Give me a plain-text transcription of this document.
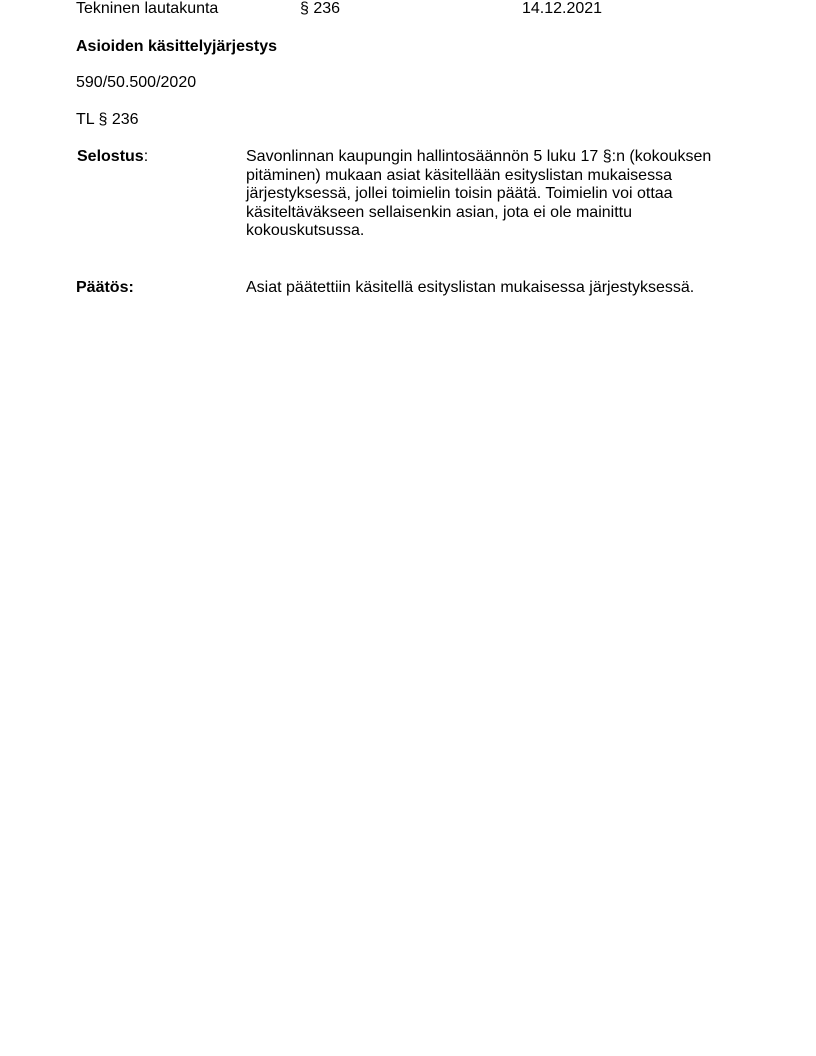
Tekninen lautakunta	§ 236	14.12.2021
Asioiden käsittelyjärjestys
590/50.500/2020
TL § 236
Selostus:	Savonlinnan kaupungin hallintosäännön 5 luku 17 §:n (kokouksen
pitäminen) mukaan asiat käsitellään esityslistan mukaisessa
järjestyksessä, jollei toimielin toisin päätä. Toimielin voi ottaa
käsiteltäväkseen sellaisenkin asian, jota ei ole mainittu
kokouskutsussa.
Päätös:	Asiat päätettiin käsitellä esityslistan mukaisessa järjestyksessä.
